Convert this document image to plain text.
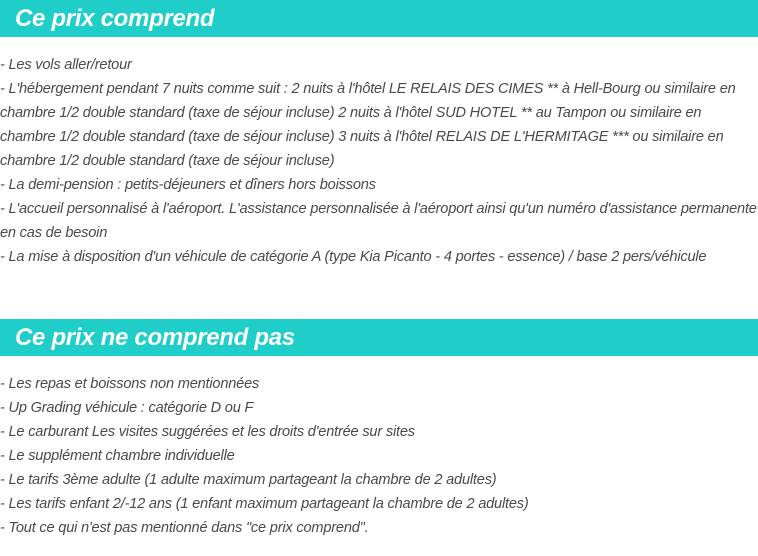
Ce prix comprend
- Les vols aller/retour
- L'hébergement pendant 7 nuits comme suit : 2 nuits à l'hôtel LE RELAIS DES CIMES ** à Hell-Bourg ou similaire en chambre 1/2 double standard (taxe de séjour incluse) 2 nuits à l'hôtel SUD HOTEL ** au Tampon ou similaire en chambre 1/2 double standard (taxe de séjour incluse) 3 nuits à l'hôtel RELAIS DE L'HERMITAGE *** ou similaire en chambre 1/2 double standard (taxe de séjour incluse)
- La demi-pension : petits-déjeuners et dîners hors boissons
- L'accueil personnalisé à l'aéroport. L'assistance personnalisée à l'aéroport ainsi qu'un numéro d'assistance permanente en cas de besoin
- La mise à disposition d'un véhicule de catégorie A (type Kia Picanto - 4 portes - essence) / base 2 pers/véhicule
Ce prix ne comprend pas
- Les repas et boissons non mentionnées
- Up Grading véhicule : catégorie D ou F
- Le carburant Les visites suggérées et les droits d'entrée sur sites
- Le supplément chambre individuelle
- Le tarifs 3ème adulte (1 adulte maximum partageant la chambre de 2 adultes)
- Les tarifs enfant 2/-12 ans (1 enfant maximum partageant la chambre de 2 adultes)
- Tout ce qui n'est pas mentionné dans "ce prix comprend".
